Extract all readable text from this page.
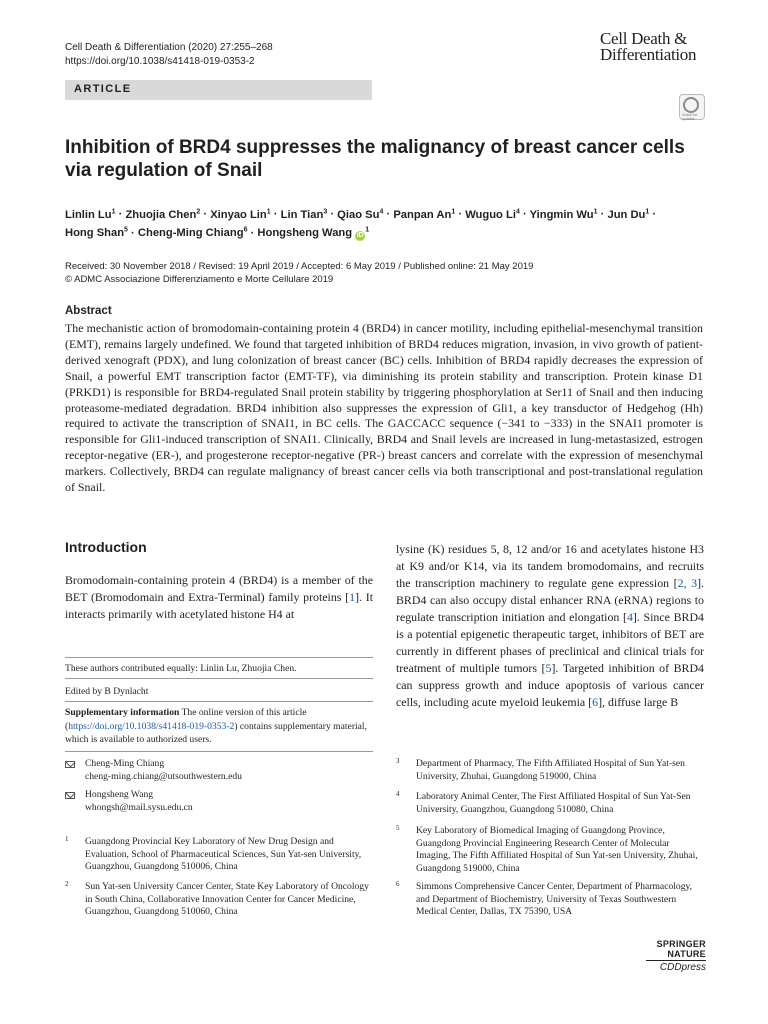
Cell Death & Differentiation (2020) 27:255–268
https://doi.org/10.1038/s41418-019-0353-2
Cell Death &
Differentiation
ARTICLE
Check for updates
Inhibition of BRD4 suppresses the malignancy of breast cancer cells via regulation of Snail
Linlin $Lu^1$ · Zhuojia Chen$^2$ · Xinyao Lin$^1$ · Lin Tian$^3$ · Qiao $Su^4$ · Panpan $An^1$ · Wuguo $Li^4$ · Yingmin $Wu^1$ · Jun $Du^1$ ·
Hong Shan$^5$ · Cheng-Ming Chiang$^6$ · Hongsheng Wang $iD^1$
Received: 30 November 2018 / Revised: 19 April 2019 / Accepted: 6 May 2019 / Published online: 21 May 2019
© ADMC Associazione Differenziamento e Morte Cellulare 2019
Abstract
The mechanistic action of bromodomain-containing protein 4 (BRD4) in cancer motility, including epithelial-mesenchymal transition (EMT), remains largely undefined. We found that targeted inhibition of BRD4 reduces migration, invasion, in vivo growth of patient-derived xenograft (PDX), and lung colonization of breast cancer (BC) cells. Inhibition of BRD4 rapidly decreases the expression of Snail, a powerful EMT transcription factor (EMT-TF), via diminishing its protein stability and transcription. Protein kinase D1 (PRKD1) is responsible for BRD4-regulated Snail protein stability by triggering phosphorylation at Ser11 of Snail and then inducing proteasome-mediated degradation. BRD4 inhibition also suppresses the expression of Gli1, a key transductor of Hedgehog (Hh) required to activate the transcription of SNAI1, in BC cells. The GACCACC sequence (−341 to −333) in the SNAI1 promoter is responsible for Gli1-induced transcription of SNAI1. Clinically, BRD4 and Snail levels are increased in lung-metastasized, estrogen receptor-negative (ER-), and progesterone receptor-negative (PR-) breast cancers and correlate with the expression of mesenchymal markers. Collectively, BRD4 can regulate malignancy of breast cancer cells via both transcriptional and post-translational regulation of Snail.
Introduction
Bromodomain-containing protein 4 (BRD4) is a member of the BET (Bromodomain and Extra-Terminal) family proteins [1]. It interacts primarily with acetylated histone H4 at
lysine (K) residues 5, 8, 12 and/or 16 and acetylates histone H3 at K9 and/or K14, via its tandem bromodomains, and recruits the transcription machinery to regulate gene expression [2, 3]. BRD4 can also occupy distal enhancer RNA (eRNA) regions to regulate transcription initiation and elongation [4]. Since BRD4 is a potential epigenetic therapeutic target, inhibitors of BET are currently in different phases of preclinical and clinical trials for treatment of multiple tumors [5]. Targeted inhibition of BRD4 can suppress growth and induce apoptosis of various cancer cells, including acute myeloid leukemia [6], diffuse large B
These authors contributed equally: Linlin Lu, Zhuojia Chen.
Edited by B Dynlacht
Supplementary information The online version of this article (https://doi.org/10.1038/s41418-019-0353-2) contains supplementary material, which is available to authorized users.
Cheng-Ming Chiang
cheng-ming.chiang@utsouthwestern.edu
Hongsheng Wang
whongsh@mail.sysu.edu.cn
1 Guangdong Provincial Key Laboratory of New Drug Design and Evaluation, School of Pharmaceutical Sciences, Sun Yat-sen University, Guangzhou, Guangdong 510006, China
2 Sun Yat-sen University Cancer Center, State Key Laboratory of Oncology in South China, Collaborative Innovation Center for Cancer Medicine, Guangzhou, Guangdong 510060, China
3 Department of Pharmacy, The Fifth Affiliated Hospital of Sun Yat-sen University, Zhuhai, Guangdong 519000, China
4 Laboratory Animal Center, The First Affiliated Hospital of Sun Yat-Sen University, Guangzhou, Guangdong 510080, China
5 Key Laboratory of Biomedical Imaging of Guangdong Province, Guangdong Provincial Engineering Research Center of Molecular Imaging, The Fifth Affiliated Hospital of Sun Yat-sen University, Zhuhai, Guangdong 519000, China
6 Simmons Comprehensive Cancer Center, Department of Pharmacology, and Department of Biochemistry, University of Texas Southwestern Medical Center, Dallas, TX 75390, USA
SPRINGER NATURE
CDDpress
